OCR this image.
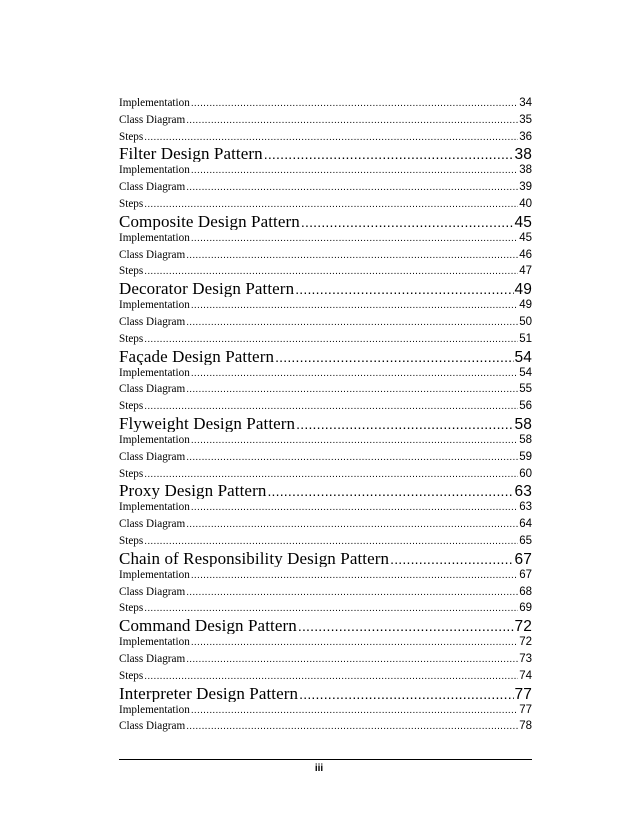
Implementation .....	34
Class Diagram .....	35
Steps .....	36
Filter Design Pattern .....	38
Implementation .....	38
Class Diagram .....	39
Steps .....	40
Composite Design Pattern .....	45
Implementation .....	45
Class Diagram .....	46
Steps .....	47
Decorator Design Pattern .....	49
Implementation .....	49
Class Diagram .....	50
Steps .....	51
Façade Design Pattern .....	54
Implementation .....	54
Class Diagram .....	55
Steps .....	56
Flyweight Design Pattern .....	58
Implementation .....	58
Class Diagram .....	59
Steps .....	60
Proxy Design Pattern .....	63
Implementation .....	63
Class Diagram .....	64
Steps .....	65
Chain of Responsibility Design Pattern .....	67
Implementation .....	67
Class Diagram .....	68
Steps .....	69
Command Design Pattern .....	72
Implementation .....	72
Class Diagram .....	73
Steps .....	74
Interpreter Design Pattern .....	77
Implementation .....	77
Class Diagram .....	78
iii
